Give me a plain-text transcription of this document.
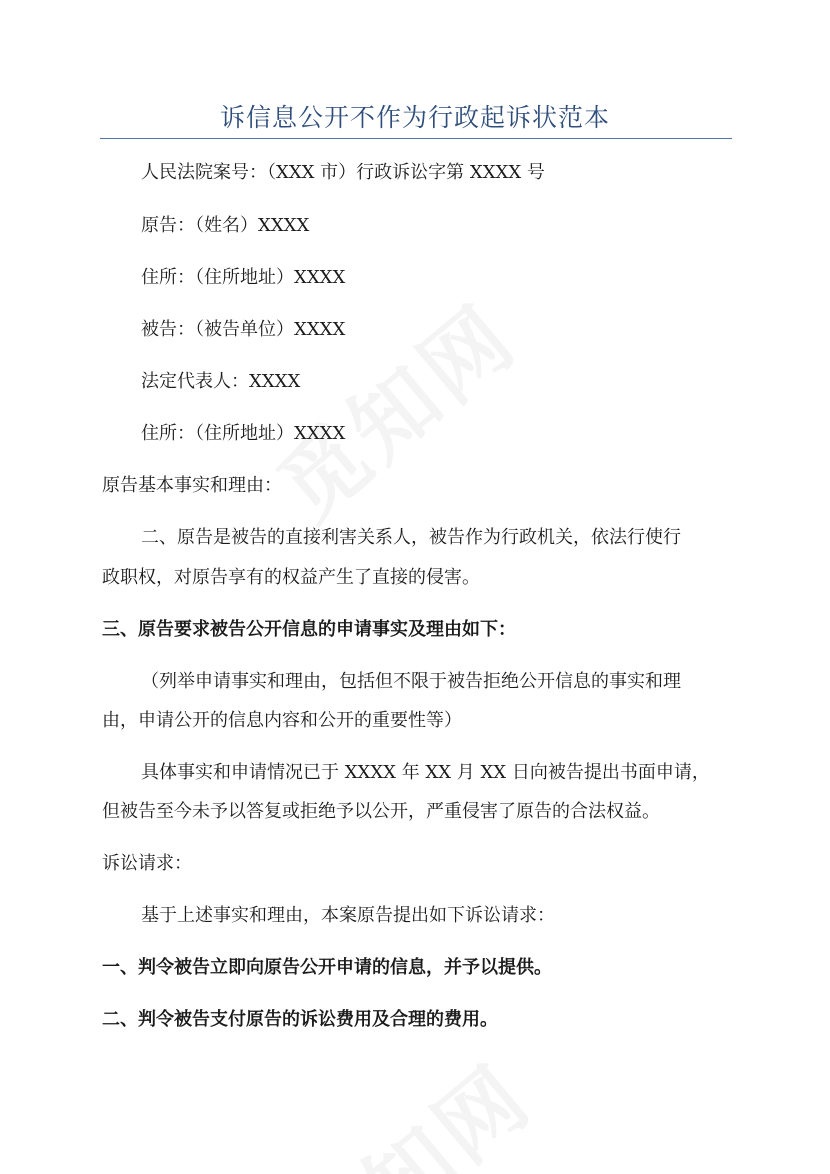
诉信息公开不作为行政起诉状范本

人民法院案号：（XXX 市）行政诉讼字第 XXXX 号

原告：（姓名）XXXX

住所：（住所地址）XXXX

被告：（被告单位）XXXX

法定代表人：XXXX

住所：（住所地址）XXXX

原告基本事实和理由：

二、原告是被告的直接利害关系人，被告作为行政机关，依法行使行

政职权，对原告享有的权益产生了直接的侵害。

三、原告要求被告公开信息的申请事实及理由如下：

（列举申请事实和理由，包括但不限于被告拒绝公开信息的事实和理

由，申请公开的信息内容和公开的重要性等）

具体事实和申请情况已于 XXXX 年 XX 月 XX 日向被告提出书面申请，

但被告至今未予以答复或拒绝予以公开，严重侵害了原告的合法权益。

诉讼请求：

基于上述事实和理由，本案原告提出如下诉讼请求：

一、判令被告立即向原告公开申请的信息，并予以提供。

二、判令被告支付原告的诉讼费用及合理的费用。
